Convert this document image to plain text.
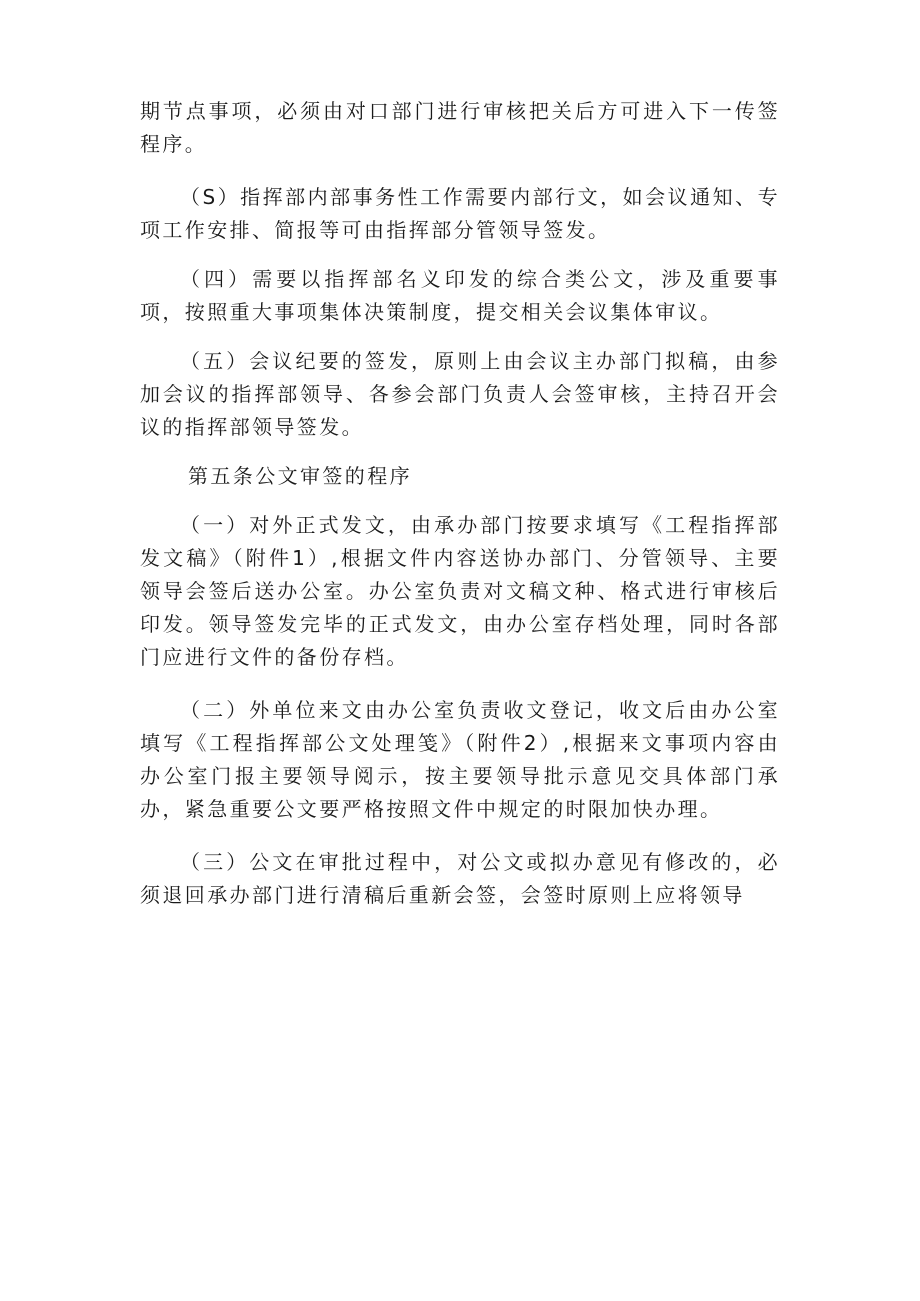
期节点事项，必须由对口部门进行审核把关后方可进入下一传签程序。

（S）指挥部内部事务性工作需要内部行文，如会议通知、专项工作安排、简报等可由指挥部分管领导签发。

（四）需要以指挥部名义印发的综合类公文，涉及重要事项，按照重大事项集体决策制度，提交相关会议集体审议。

（五）会议纪要的签发，原则上由会议主办部门拟稿，由参加会议的指挥部领导、各参会部门负责人会签审核，主持召开会议的指挥部领导签发。

第五条公文审签的程序

（一）对外正式发文，由承办部门按要求填写《工程指挥部发文稿》（附件1）,根据文件内容送协办部门、分管领导、主要领导会签后送办公室。办公室负责对文稿文种、格式进行审核后印发。领导签发完毕的正式发文，由办公室存档处理，同时各部门应进行文件的备份存档。

（二）外单位来文由办公室负责收文登记，收文后由办公室填写《工程指挥部公文处理笺》（附件2）,根据来文事项内容由办公室门报主要领导阅示，按主要领导批示意见交具体部门承办，紧急重要公文要严格按照文件中规定的时限加快办理。

（三）公文在审批过程中，对公文或拟办意见有修改的，必须退回承办部门进行清稿后重新会签，会签时原则上应将领导
